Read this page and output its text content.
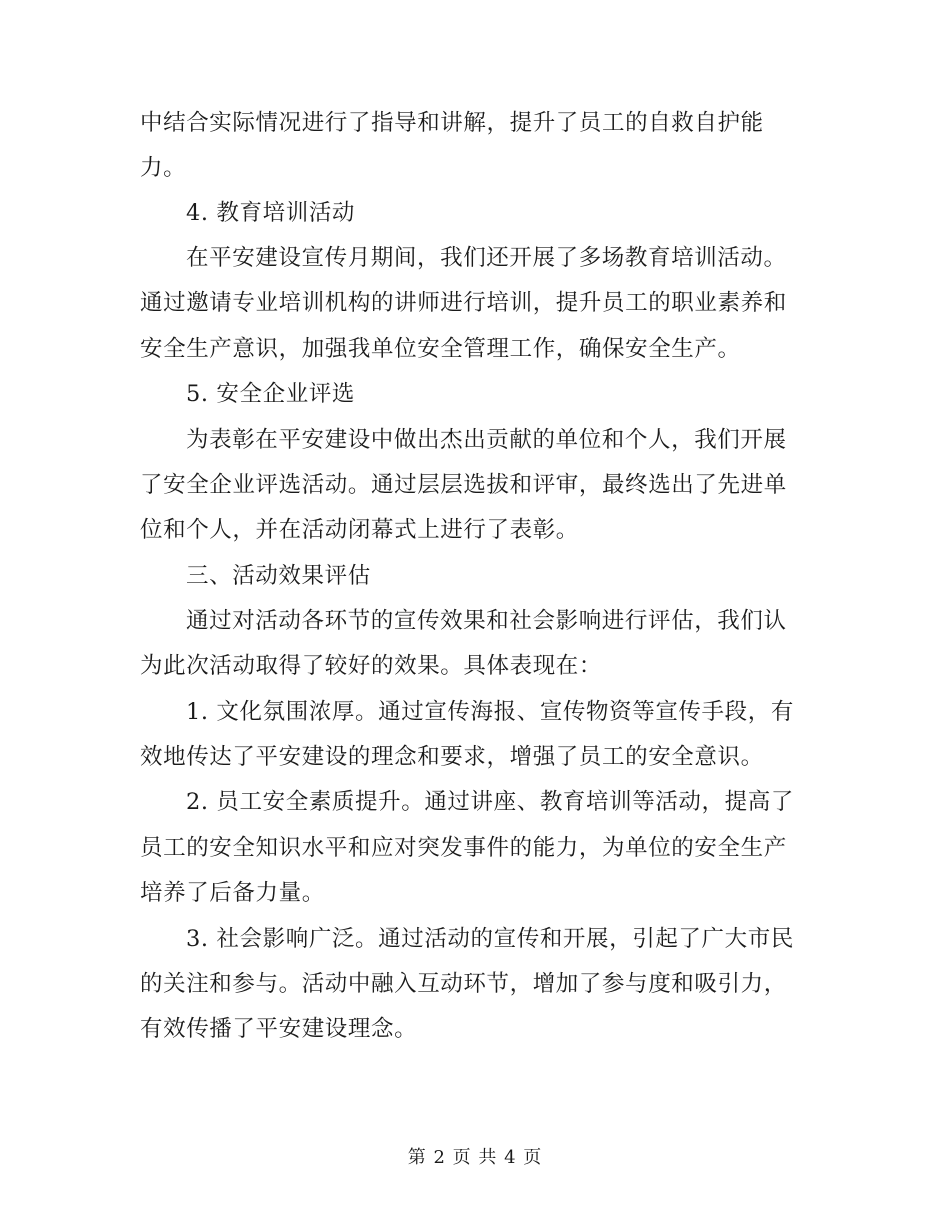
中结合实际情况进行了指导和讲解，提升了员工的自救自护能

力。

4. 教育培训活动

在平安建设宣传月期间，我们还开展了多场教育培训活动。

通过邀请专业培训机构的讲师进行培训，提升员工的职业素养和

安全生产意识，加强我单位安全管理工作，确保安全生产。

5. 安全企业评选

为表彰在平安建设中做出杰出贡献的单位和个人，我们开展

了安全企业评选活动。通过层层选拔和评审，最终选出了先进单

位和个人，并在活动闭幕式上进行了表彰。

三、活动效果评估

通过对活动各环节的宣传效果和社会影响进行评估，我们认

为此次活动取得了较好的效果。具体表现在：

1. 文化氛围浓厚。通过宣传海报、宣传物资等宣传手段，有

效地传达了平安建设的理念和要求，增强了员工的安全意识。

2. 员工安全素质提升。通过讲座、教育培训等活动，提高了

员工的安全知识水平和应对突发事件的能力，为单位的安全生产

培养了后备力量。

3. 社会影响广泛。通过活动的宣传和开展，引起了广大市民

的关注和参与。活动中融入互动环节，增加了参与度和吸引力，

有效传播了平安建设理念。

第 2 页 共 4 页
